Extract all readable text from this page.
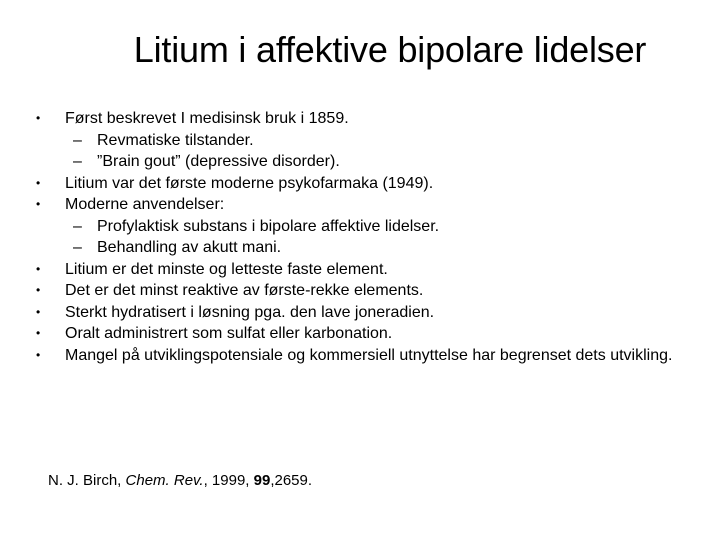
Litium i affektive bipolare lidelser
•	Først beskrevet I medisinsk bruk i 1859.
– Revmatiske tilstander.
– ”Brain gout” (depressive disorder).
•	Litium var det første moderne psykofarmaka (1949).
•	Moderne anvendelser:
– Profylaktisk substans i bipolare affektive lidelser.
– Behandling av akutt mani.
•	Litium er det minste og letteste faste element.
•	Det er det minst reaktive av første-rekke elements.
•	Sterkt hydratisert i løsning pga. den lave joneradien.
•	Oralt administrert som sulfat eller karbonation.
•	Mangel på utviklingspotensiale og kommersiell utnyttelse har begrenset dets utvikling.
N. J. Birch, Chem. Rev., 1999, 99,2659.
